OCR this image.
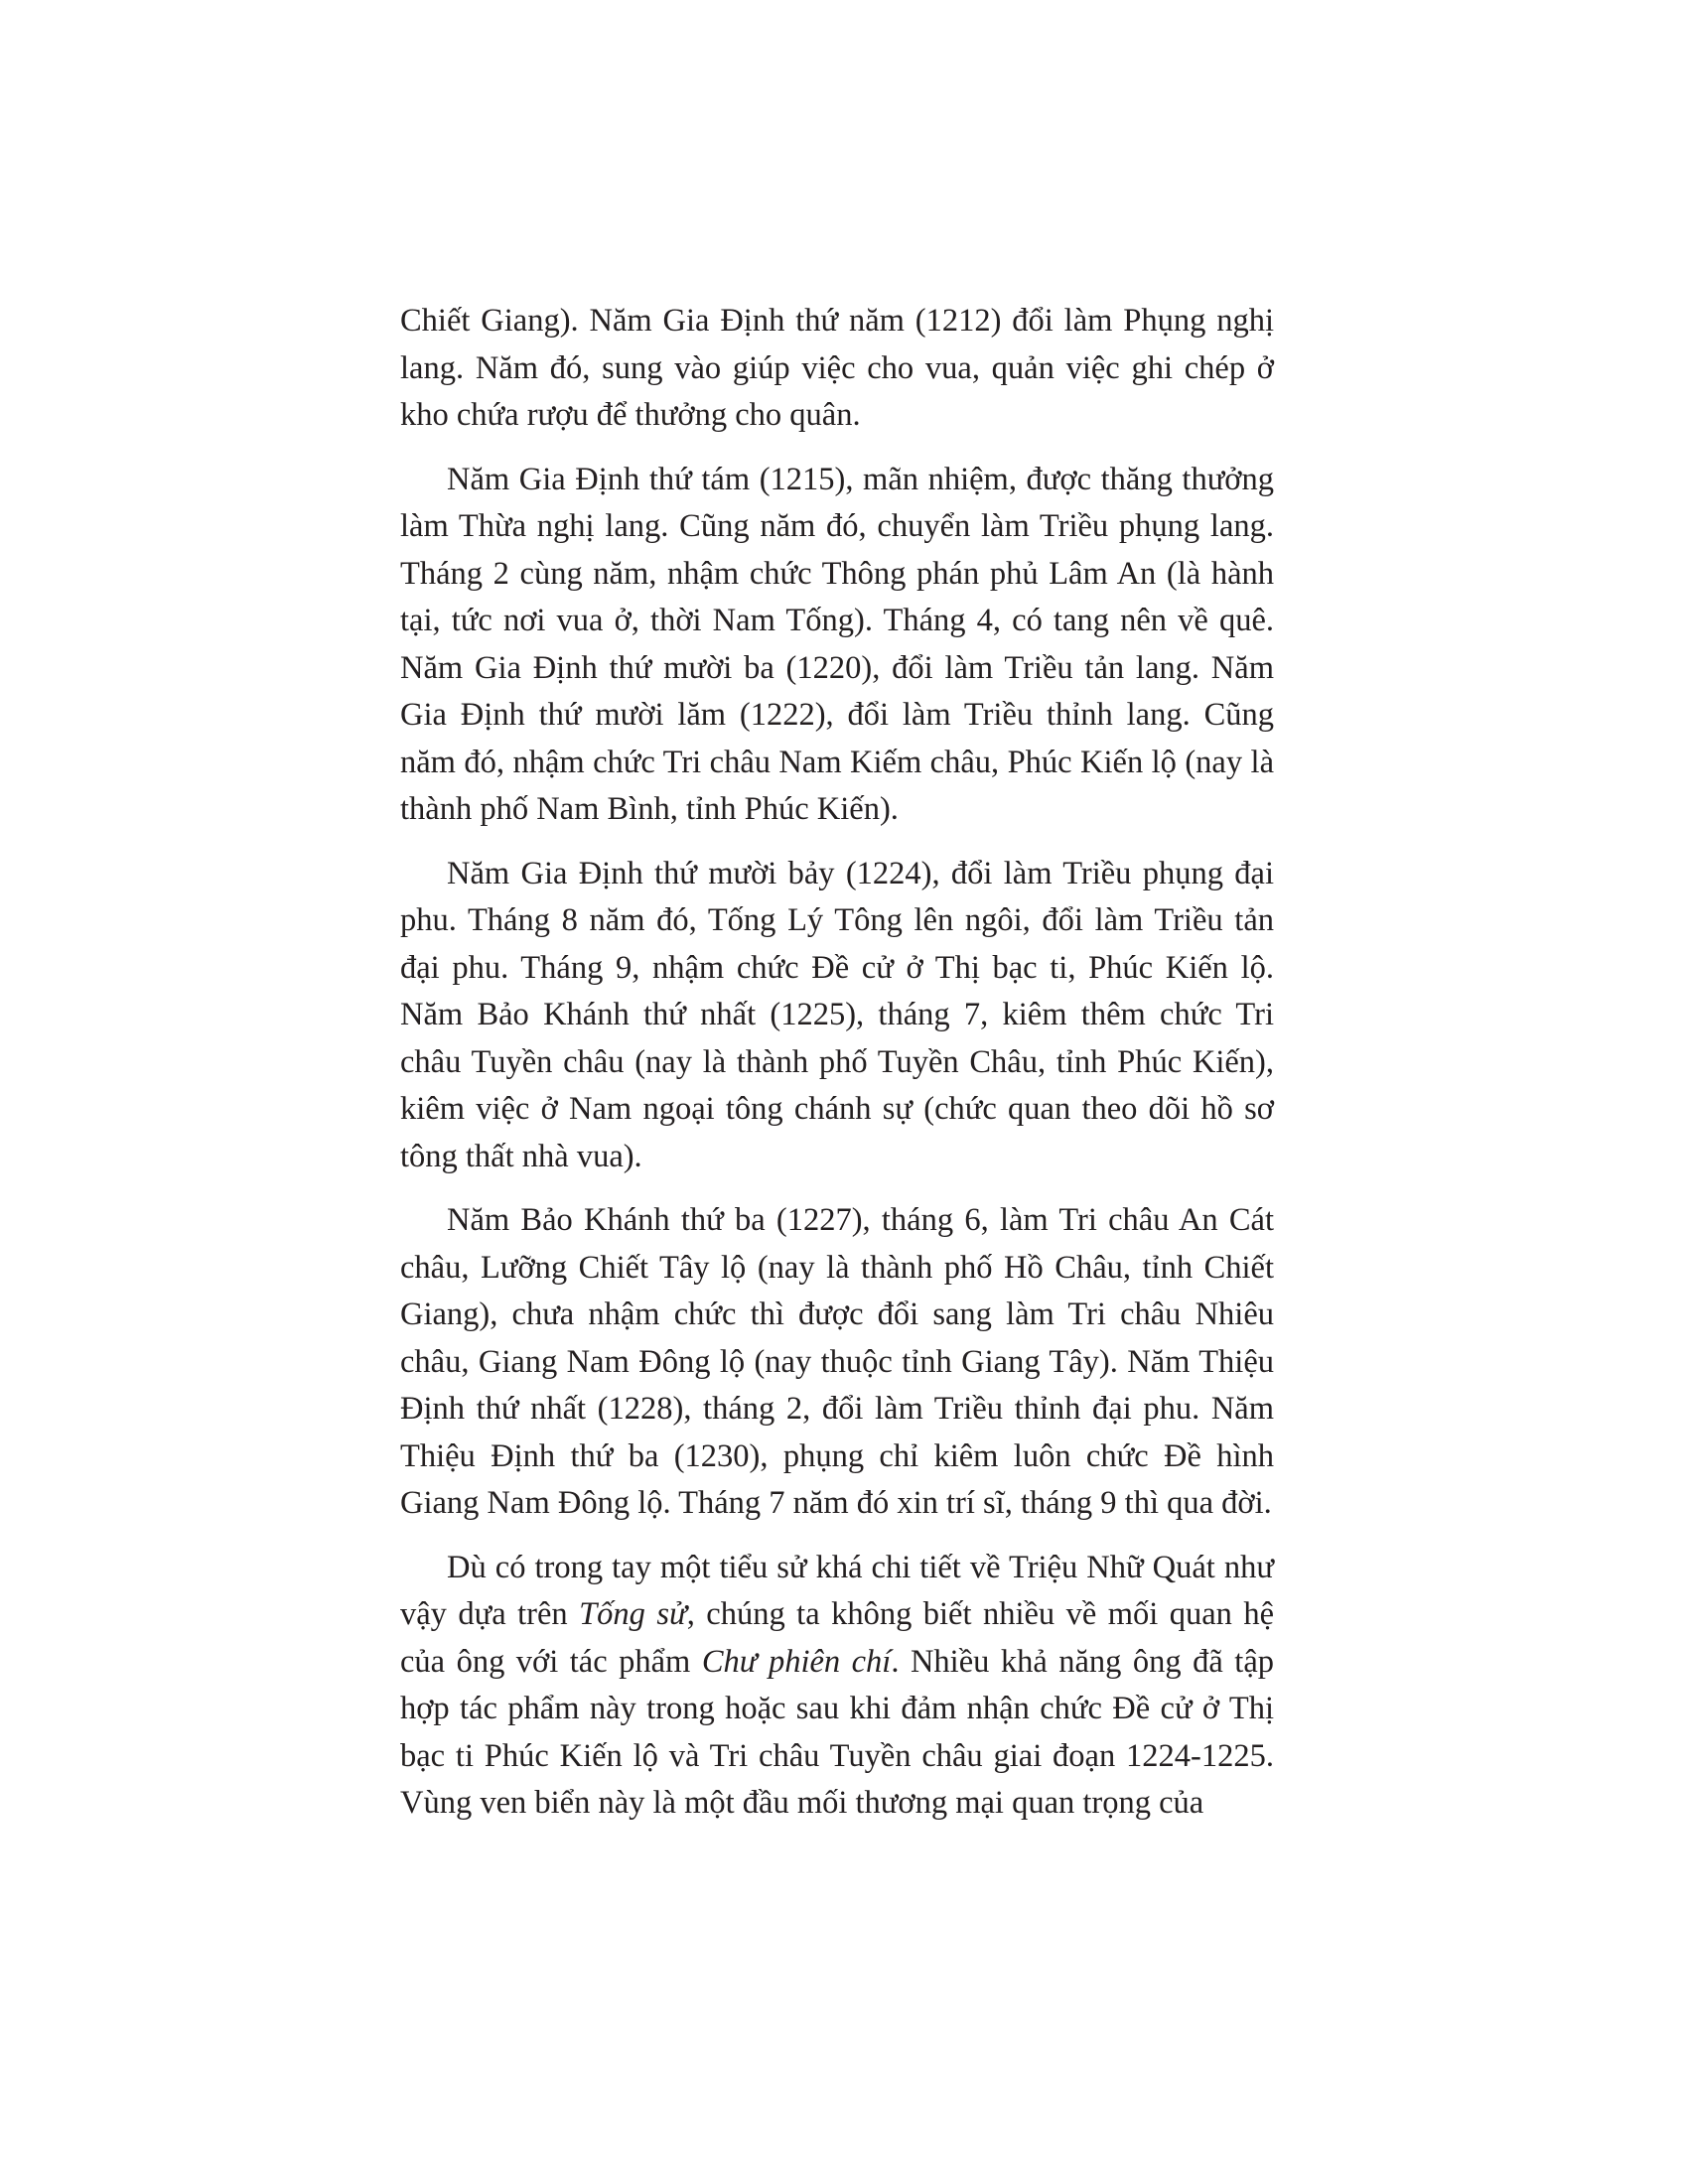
Chiết Giang). Năm Gia Định thứ năm (1212) đổi làm Phụng nghị lang. Năm đó, sung vào giúp việc cho vua, quản việc ghi chép ở kho chứa rượu để thưởng cho quân.

Năm Gia Định thứ tám (1215), mãn nhiệm, được thăng thưởng làm Thừa nghị lang. Cũng năm đó, chuyển làm Triều phụng lang. Tháng 2 cùng năm, nhậm chức Thông phán phủ Lâm An (là hành tại, tức nơi vua ở, thời Nam Tống). Tháng 4, có tang nên về quê. Năm Gia Định thứ mười ba (1220), đổi làm Triều tản lang. Năm Gia Định thứ mười lăm (1222), đổi làm Triều thỉnh lang. Cũng năm đó, nhậm chức Tri châu Nam Kiếm châu, Phúc Kiến lộ (nay là thành phố Nam Bình, tỉnh Phúc Kiến).

Năm Gia Định thứ mười bảy (1224), đổi làm Triều phụng đại phu. Tháng 8 năm đó, Tống Lý Tông lên ngôi, đổi làm Triều tản đại phu. Tháng 9, nhậm chức Đề cử ở Thị bạc ti, Phúc Kiến lộ. Năm Bảo Khánh thứ nhất (1225), tháng 7, kiêm thêm chức Tri châu Tuyền châu (nay là thành phố Tuyền Châu, tỉnh Phúc Kiến), kiêm việc ở Nam ngoại tông chánh sự (chức quan theo dõi hồ sơ tông thất nhà vua).

Năm Bảo Khánh thứ ba (1227), tháng 6, làm Tri châu An Cát châu, Lưỡng Chiết Tây lộ (nay là thành phố Hồ Châu, tỉnh Chiết Giang), chưa nhậm chức thì được đổi sang làm Tri châu Nhiêu châu, Giang Nam Đông lộ (nay thuộc tỉnh Giang Tây). Năm Thiệu Định thứ nhất (1228), tháng 2, đổi làm Triều thỉnh đại phu. Năm Thiệu Định thứ ba (1230), phụng chỉ kiêm luôn chức Đề hình Giang Nam Đông lộ. Tháng 7 năm đó xin trí sĩ, tháng 9 thì qua đời.

Dù có trong tay một tiểu sử khá chi tiết về Triệu Nhữ Quát như vậy dựa trên Tống sử, chúng ta không biết nhiều về mối quan hệ của ông với tác phẩm Chư phiên chí. Nhiều khả năng ông đã tập hợp tác phẩm này trong hoặc sau khi đảm nhận chức Đề cử ở Thị bạc ti Phúc Kiến lộ và Tri châu Tuyền châu giai đoạn 1224-1225. Vùng ven biển này là một đầu mối thương mại quan trọng của
